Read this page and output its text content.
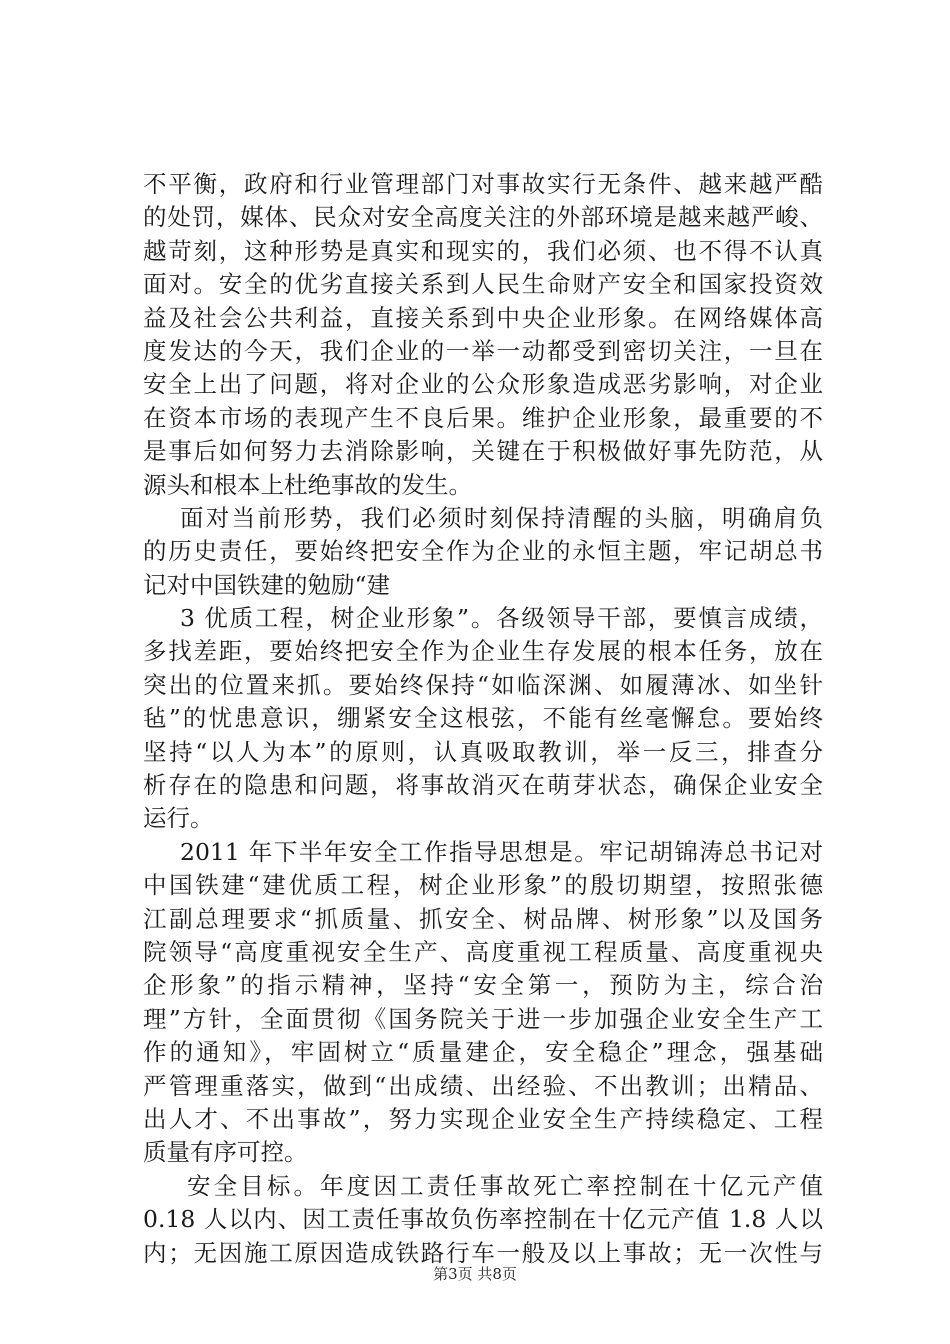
不平衡，政府和行业管理部门对事故实行无条件、越来越严酷
的处罚，媒体、民众对安全高度关注的外部环境是越来越严峻、
越苛刻，这种形势是真实和现实的，我们必须、也不得不认真
面对。安全的优劣直接关系到人民生命财产安全和国家投资效
益及社会公共利益，直接关系到中央企业形象。在网络媒体高
度发达的今天，我们企业的一举一动都受到密切关注，一旦在
安全上出了问题，将对企业的公众形象造成恶劣影响，对企业
在资本市场的表现产生不良后果。维护企业形象，最重要的不
是事后如何努力去消除影响，关键在于积极做好事先防范，从
源头和根本上杜绝事故的发生。
面对当前形势，我们必须时刻保持清醒的头脑，明确肩负
的历史责任，要始终把安全作为企业的永恒主题，牢记胡总书
记对中国铁建的勉励“建
3 优质工程，树企业形象”。各级领导干部，要慎言成绩，
多找差距，要始终把安全作为企业生存发展的根本任务，放在
突出的位置来抓。要始终保持“如临深渊、如履薄冰、如坐针
毡”的忧患意识，绷紧安全这根弦，不能有丝毫懈怠。要始终
坚持“以人为本”的原则，认真吸取教训，举一反三，排查分
析存在的隐患和问题，将事故消灭在萌芽状态，确保企业安全
运行。
2011 年下半年安全工作指导思想是。牢记胡锦涛总书记对
中国铁建“建优质工程，树企业形象”的殷切期望，按照张德
江副总理要求“抓质量、抓安全、树品牌、树形象”以及国务
院领导“高度重视安全生产、高度重视工程质量、高度重视央
企形象”的指示精神，坚持“安全第一，预防为主，综合治
理”方针，全面贯彻《国务院关于进一步加强企业安全生产工
作的通知》，牢固树立“质量建企，安全稳企”理念，强基础
严管理重落实，做到“出成绩、出经验、不出教训；出精品、
出人才、不出事故”，努力实现企业安全生产持续稳定、工程
质量有序可控。
安全目标。年度因工责任事故死亡率控制在十亿元产值
0.18 人以内、因工责任事故负伤率控制在十亿元产值 1.8 人以
内；无因施工原因造成铁路行车一般及以上事故；无一次性与
第3页 共8页
